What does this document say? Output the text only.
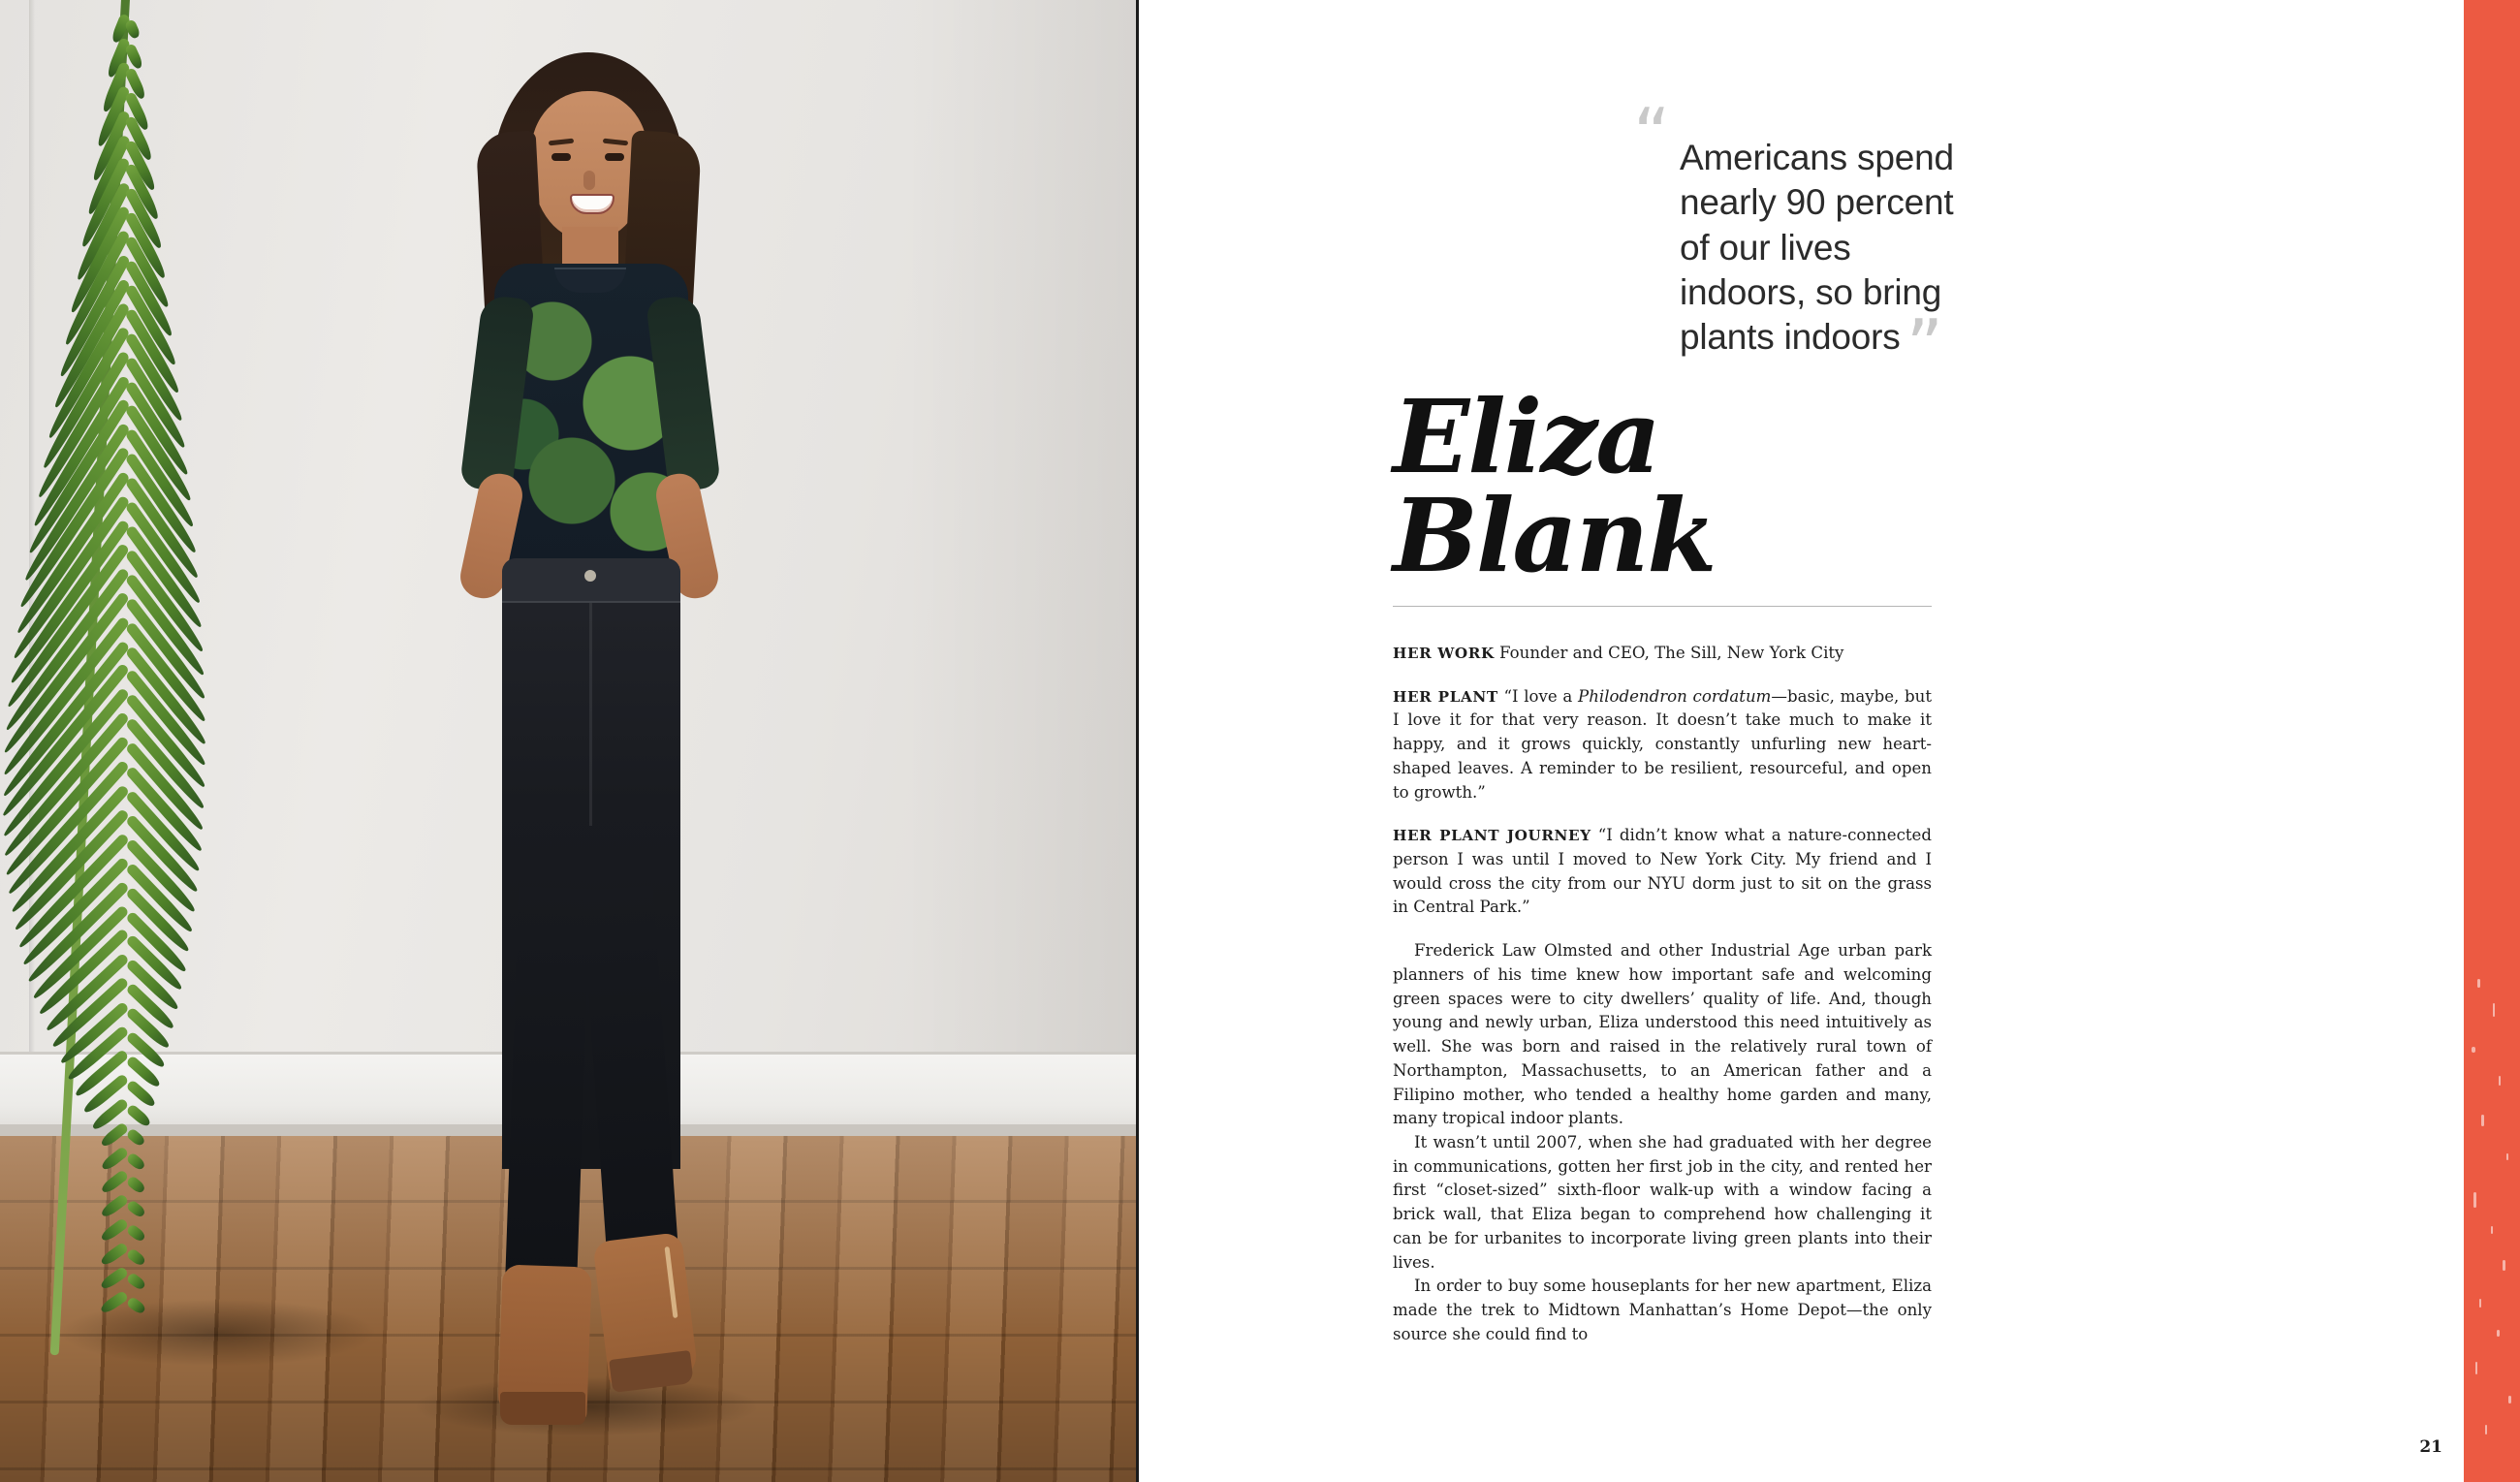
“ Americans spend nearly 90 percent of our lives indoors, so bring plants indoors”
Eliza
Blank

HER WORK Founder and CEO, The Sill, New York City

HER PLANT “I love a Philodendron cordatum—basic, maybe, but I love it for that very reason. It doesn’t take much to make it happy, and it grows quickly, constantly unfurling new heart-shaped leaves. A reminder to be resilient, resourceful, and open to growth.”

HER PLANT JOURNEY “I didn’t know what a nature-connected person I was until I moved to New York City. My friend and I would cross the city from our NYU dorm just to sit on the grass in Central Park.”

Frederick Law Olmsted and other Industrial Age urban park planners of his time knew how important safe and welcoming green spaces were to city dwellers’ quality of life. And, though young and newly urban, Eliza understood this need intuitively as well. She was born and raised in the relatively rural town of Northampton, Massachusetts, to an American father and a Filipino mother, who tended a healthy home garden and many, many tropical indoor plants.

It wasn’t until 2007, when she had graduated with her degree in communications, gotten her first job in the city, and rented her first “closet-sized” sixth-floor walk-up with a window facing a brick wall, that Eliza began to comprehend how challenging it can be for urbanites to incorporate living green plants into their lives.

In order to buy some houseplants for her new apartment, Eliza made the trek to Midtown Manhattan’s Home Depot—the only source she could find to

21
